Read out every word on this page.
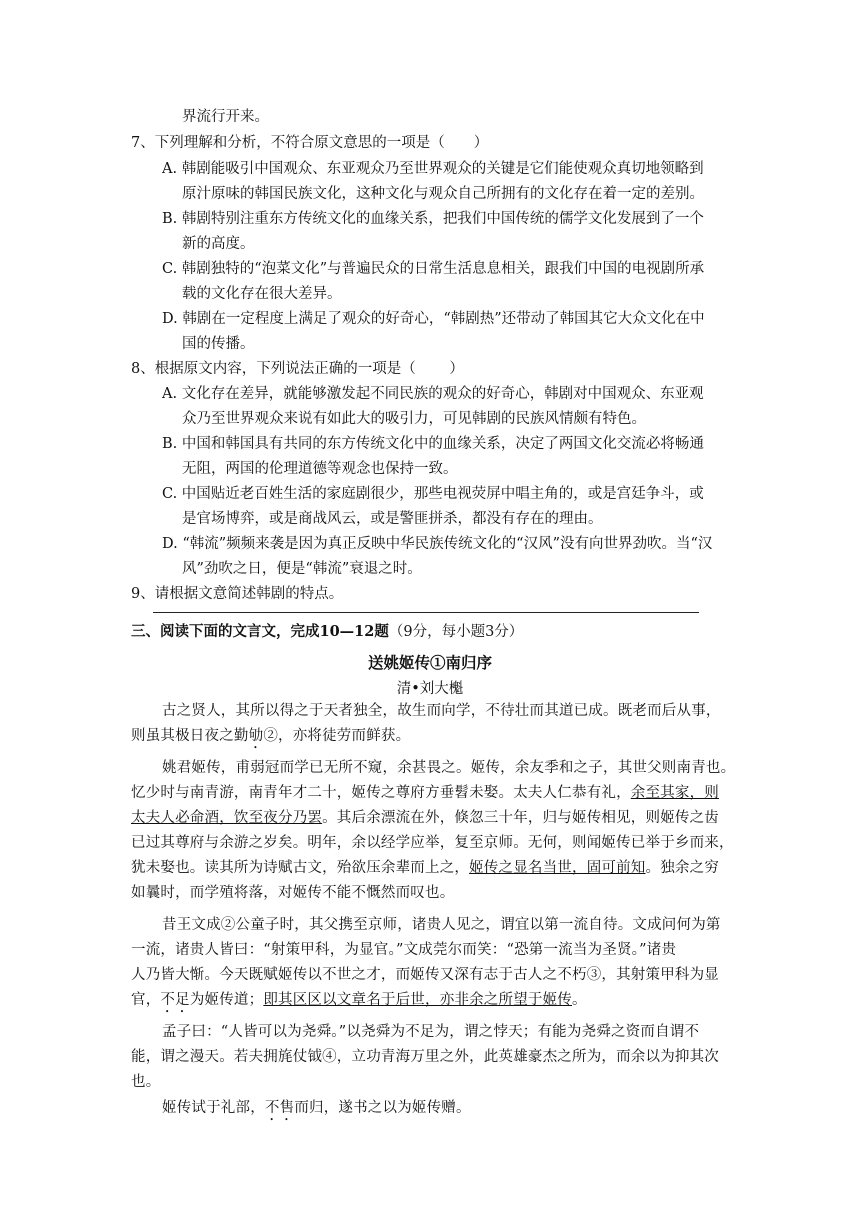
界流行开来。
7、下列理解和分析，不符合原文意思的一项是（　　）
A. 韩剧能吸引中国观众、东亚观众乃至世界观众的关键是它们能使观众真切地领略到
原汁原味的韩国民族文化，这种文化与观众自己所拥有的文化存在着一定的差别。
B. 韩剧特别注重东方传统文化的血缘关系，把我们中国传统的儒学文化发展到了一个
新的高度。
C. 韩剧独特的“泡菜文化”与普遍民众的日常生活息息相关，跟我们中国的电视剧所承
载的文化存在很大差异。
D. 韩剧在一定程度上满足了观众的好奇心，“韩剧热”还带动了韩国其它大众文化在中
国的传播。
8、根据原文内容，下列说法正确的一项是（　　 ）
A. 文化存在差异，就能够激发起不同民族的观众的好奇心，韩剧对中国观众、东亚观
众乃至世界观众来说有如此大的吸引力，可见韩剧的民族风情颇有特色。
B. 中国和韩国具有共同的东方传统文化中的血缘关系，决定了两国文化交流必将畅通
无阻，两国的伦理道德等观念也保持一致。
C. 中国贴近老百姓生活的家庭剧很少，那些电视荧屏中唱主角的，或是宫廷争斗，或
是官场博弈，或是商战风云，或是警匪拼杀，都没有存在的理由。
D. “韩流”频频来袭是因为真正反映中华民族传统文化的“汉风”没有向世界劲吹。当“汉
风”劲吹之日，便是“韩流”衰退之时。
9、请根据文意简述韩剧的特点。
三、阅读下面的文言文，完成10—12题（9分，每小题3分）
送姚姬传①南归序
清•刘大櫆
古之贤人，其所以得之于天者独全，故生而向学，不待壮而其道已成。既老而后从事，
则虽其极日夜之勤劬②，亦将徒劳而鲜获。
姚君姬传，甫弱冠而学已无所不窥，余甚畏之。姬传，余友季和之子，其世父则南青也。
忆少时与南青游，南青年才二十，姬传之尊府方垂髫未娶。太夫人仁恭有礼，余至其家，则
太夫人必命酒，饮至夜分乃罢。其后余漂流在外，倏忽三十年，归与姬传相见，则姬传之齿
已过其尊府与余游之岁矣。明年，余以经学应举，复至京师。无何，则闻姬传已举于乡而来，
犹未娶也。读其所为诗赋古文，殆欲压余辈而上之，姬传之显名当世，固可前知。独余之穷
如曩时，而学殖将落，对姬传不能不慨然而叹也。
昔王文成②公童子时，其父携至京师，诸贵人见之，谓宜以第一流自待。文成问何为第
一流，诸贵人皆曰：“射策甲科，为显官。”文成莞尔而笑：“恐第一流当为圣贤。”诸贵
人乃皆大惭。今天既赋姬传以不世之才，而姬传又深有志于古人之不朽③，其射策甲科为显
官，不足为姬传道；即其区区以文章名于后世，亦非余之所望于姬传。
孟子曰：“人皆可以为尧舜。”以尧舜为不足为，谓之悖天；有能为尧舜之资而自谓不
能，谓之漫天。若夫拥旄仗钺④，立功青海万里之外，此英雄豪杰之所为，而余以为抑其次
也。
姬传试于礼部，不售而归，遂书之以为姬传赠。
